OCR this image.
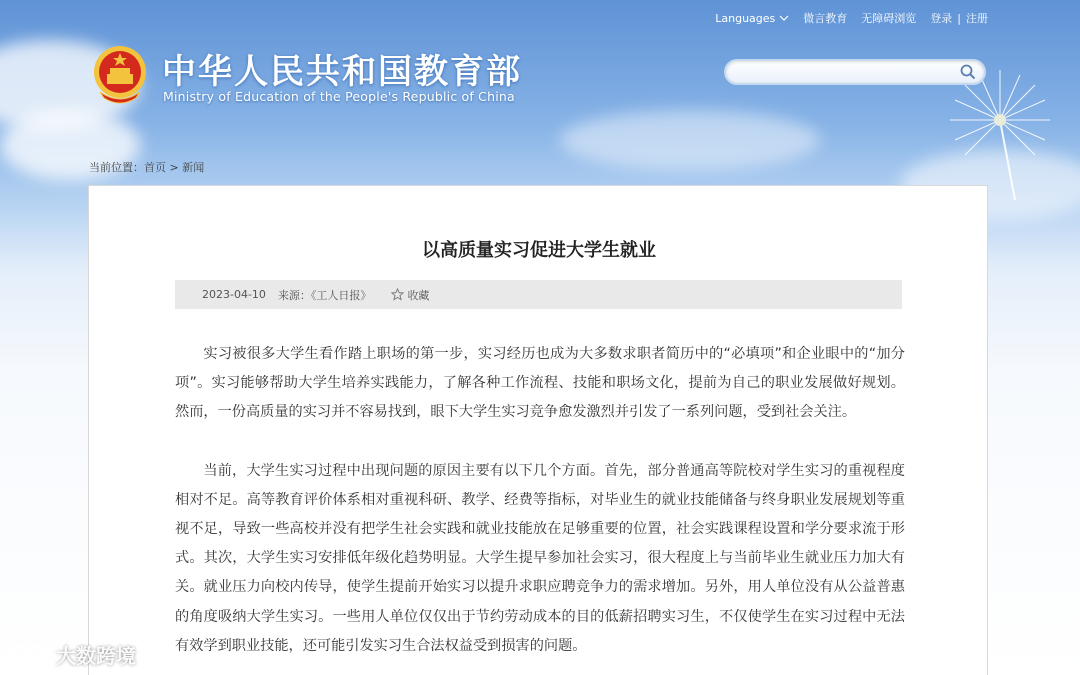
中华人民共和国教育部
Ministry of Education of the People's Republic of China
Languages	微言教育 无障碍浏览 登录 | 注册
当前位置：首页 > 新闻
以高质量实习促进大学生就业
2023-04-10 来源：《工人日报》	收藏

实习被很多大学生看作踏上职场的第一步，实习经历也成为大多数求职者简历中的“必填项”和企业眼中的“加分项”。实习能够帮助大学生培养实践能力，了解各种工作流程、技能和职场文化，提前为自己的职业发展做好规划。然而，一份高质量的实习并不容易找到，眼下大学生实习竞争愈发激烈并引发了一系列问题，受到社会关注。

当前，大学生实习过程中出现问题的原因主要有以下几个方面。首先，部分普通高等院校对学生实习的重视程度相对不足。高等教育评价体系相对重视科研、教学、经费等指标，对毕业生的就业技能储备与终身职业发展规划等重视不足，导致一些高校并没有把学生社会实践和就业技能放在足够重要的位置，社会实践课程设置和学分要求流于形式。其次，大学生实习安排低年级化趋势明显。大学生提早参加社会实习，很大程度上与当前毕业生就业压力加大有关。就业压力向校内传导，使学生提前开始实习以提升求职应聘竞争力的需求增加。另外，用人单位没有从公益普惠的角度吸纳大学生实习。一些用人单位仅仅出于节约劳动成本的目的低薪招聘实习生，不仅使学生在实习过程中无法有效学到职业技能，还可能引发实习生合法权益受到损害的问题。

大数跨境
